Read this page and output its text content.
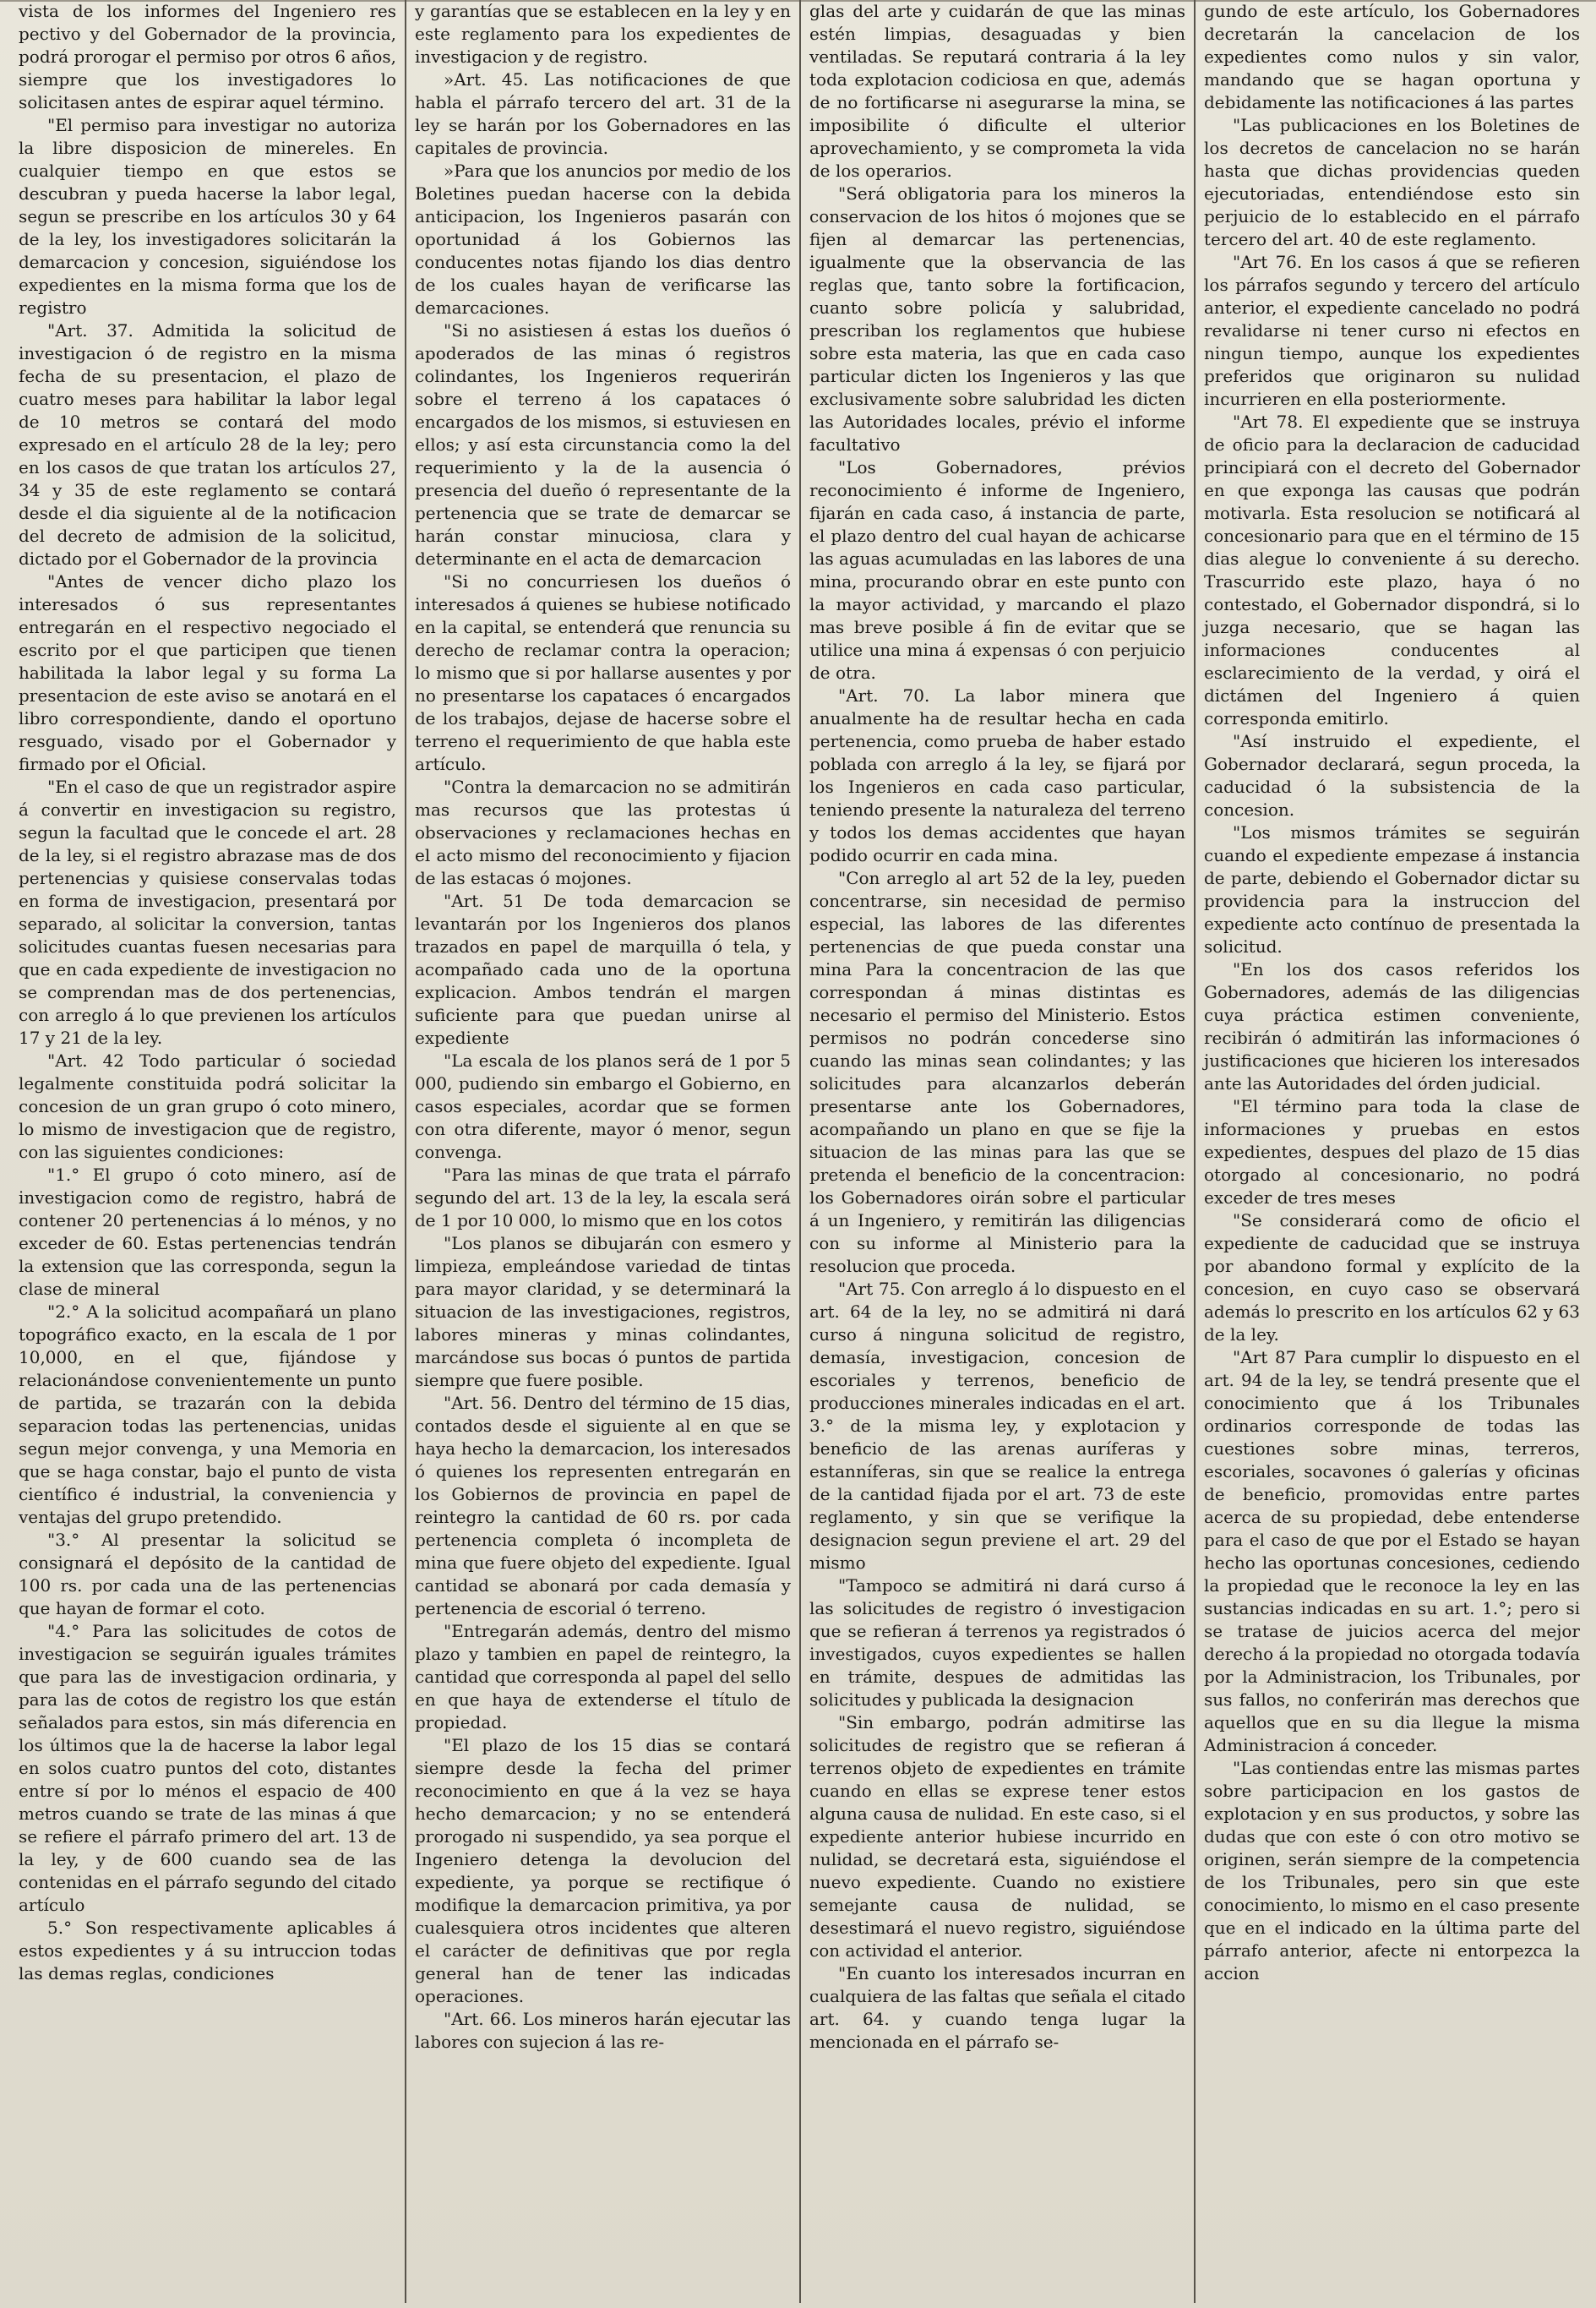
vista de los informes del Ingeniero res pectivo y del Gobernador de la provincia, podrá prorogar el permiso por otros 6 años, siempre que los investigadores lo solicitasen antes de espirar aquel término.

"El permiso para investigar no autoriza la libre disposicion de minereles. En cualquier tiempo en que estos se descubran y pueda hacerse la labor legal, segun se prescribe en los artículos 30 y 64 de la ley, los investigadores solicitarán la demarcacion y concesion, siguiéndose los expedientes en la misma forma que los de registro

"Art. 37. Admitida la solicitud de investigacion ó de registro en la misma fecha de su presentacion, el plazo de cuatro meses para habilitar la labor legal de 10 metros se contará del modo expresado en el artículo 28 de la ley; pero en los casos de que tratan los artículos 27, 34 y 35 de este reglamento se contará desde el dia siguiente al de la notificacion del decreto de admision de la solicitud, dictado por el Gobernador de la provincia

"Antes de vencer dicho plazo los interesados ó sus representantes entregarán en el respectivo negociado el escrito por el que participen que tienen habilitada la labor legal y su forma La presentacion de este aviso se anotará en el libro correspondiente, dando el oportuno resguado, visado por el Gobernador y firmado por el Oficial.

"En el caso de que un registrador aspire á convertir en investigacion su registro, segun la facultad que le concede el art. 28 de la ley, si el registro abrazase mas de dos pertenencias y quisiese conservalas todas en forma de investigacion, presentará por separado, al solicitar la conversion, tantas solicitudes cuantas fuesen necesarias para que en cada expediente de investigacion no se comprendan mas de dos pertenencias, con arreglo á lo que previenen los artículos 17 y 21 de la ley.

"Art. 42 Todo particular ó sociedad legalmente constituida podrá solicitar la concesion de un gran grupo ó coto minero, lo mismo de investigacion que de registro, con las siguientes condiciones:

"1.° El grupo ó coto minero, así de investigacion como de registro, habrá de contener 20 pertenencias á lo ménos, y no exceder de 60. Estas pertenencias tendrán la extension que las corresponda, segun la clase de mineral

"2.° A la solicitud acompañará un plano topográfico exacto, en la escala de 1 por 10,000, en el que, fijándose y relacionándose convenientemente un punto de partida, se trazarán con la debida separacion todas las pertenencias, unidas segun mejor convenga, y una Memoria en que se haga constar, bajo el punto de vista científico é industrial, la conveniencia y ventajas del grupo pretendido.

"3.° Al presentar la solicitud se consignará el depósito de la cantidad de 100 rs. por cada una de las pertenencias que hayan de formar el coto.

"4.° Para las solicitudes de cotos de investigacion se seguirán iguales trámites que para las de investigacion ordinaria, y para las de cotos de registro los que están señalados para estos, sin más diferencia en los últimos que la de hacerse la labor legal en solos cuatro puntos del coto, distantes entre sí por lo ménos el espacio de 400 metros cuando se trate de las minas á que se refiere el párrafo primero del art. 13 de la ley, y de 600 cuando sea de las contenidas en el párrafo segundo del citado artículo

5.° Son respectivamente aplicables á estos expedientes y á su intruccion todas las demas reglas, condiciones

y garantías que se establecen en la ley y en este reglamento para los expedientes de investigacion y de registro.

»Art. 45. Las notificaciones de que habla el párrafo tercero del art. 31 de la ley se harán por los Gobernadores en las capitales de provincia.

»Para que los anuncios por medio de los Boletines puedan hacerse con la debida anticipacion, los Ingenieros pasarán con oportunidad á los Gobiernos las conducentes notas fijando los dias dentro de los cuales hayan de verificarse las demarcaciones.

"Si no asistiesen á estas los dueños ó apoderados de las minas ó registros colindantes, los Ingenieros requerirán sobre el terreno á los capataces ó encargados de los mismos, si estuviesen en ellos; y así esta circunstancia como la del requerimiento y la de la ausencia ó presencia del dueño ó representante de la pertenencia que se trate de demarcar se harán constar minuciosa, clara y determinante en el acta de demarcacion

"Si no concurriesen los dueños ó interesados á quienes se hubiese notificado en la capital, se entenderá que renuncia su derecho de reclamar contra la operacion; lo mismo que si por hallarse ausentes y por no presentarse los capataces ó encargados de los trabajos, dejase de hacerse sobre el terreno el requerimiento de que habla este artículo.

"Contra la demarcacion no se admitirán mas recursos que las protestas ú observaciones y reclamaciones hechas en el acto mismo del reconocimiento y fijacion de las estacas ó mojones.

"Art. 51 De toda demarcacion se levantarán por los Ingenieros dos planos trazados en papel de marquilla ó tela, y acompañado cada uno de la oportuna explicacion. Ambos tendrán el margen suficiente para que puedan unirse al expediente

"La escala de los planos será de 1 por 5 000, pudiendo sin embargo el Gobierno, en casos especiales, acordar que se formen con otra diferente, mayor ó menor, segun convenga.

"Para las minas de que trata el párrafo segundo del art. 13 de la ley, la escala será de 1 por 10 000, lo mismo que en los cotos

"Los planos se dibujarán con esmero y limpieza, empleándose variedad de tintas para mayor claridad, y se determinará la situacion de las investigaciones, registros, labores mineras y minas colindantes, marcándose sus bocas ó puntos de partida siempre que fuere posible.

"Art. 56. Dentro del término de 15 dias, contados desde el siguiente al en que se haya hecho la demarcacion, los interesados ó quienes los representen entregarán en los Gobiernos de provincia en papel de reintegro la cantidad de 60 rs. por cada pertenencia completa ó incompleta de mina que fuere objeto del expediente. Igual cantidad se abonará por cada demasía y pertenencia de escorial ó terreno.

"Entregarán además, dentro del mismo plazo y tambien en papel de reintegro, la cantidad que corresponda al papel del sello en que haya de extenderse el título de propiedad.

"El plazo de los 15 dias se contará siempre desde la fecha del primer reconocimiento en que á la vez se haya hecho demarcacion; y no se entenderá prorogado ni suspendido, ya sea porque el Ingeniero detenga la devolucion del expediente, ya porque se rectifique ó modifique la demarcacion primitiva, ya por cualesquiera otros incidentes que alteren el carácter de definitivas que por regla general han de tener las indicadas operaciones.

"Art. 66. Los mineros harán ejecutar las labores con sujecion á las re-

glas del arte y cuidarán de que las minas estén limpias, desaguadas y bien ventiladas. Se reputará contraria á la ley toda explotacion codiciosa en que, además de no fortificarse ni asegurarse la mina, se imposibilite ó dificulte el ulterior aprovechamiento, y se comprometa la vida de los operarios.

"Será obligatoria para los mineros la conservacion de los hitos ó mojones que se fijen al demarcar las pertenencias, igualmente que la observancia de las reglas que, tanto sobre la fortificacion, cuanto sobre policía y salubridad, prescriban los reglamentos que hubiese sobre esta materia, las que en cada caso particular dicten los Ingenieros y las que exclusivamente sobre salubridad les dicten las Autoridades locales, prévio el informe facultativo

"Los Gobernadores, prévios reconocimiento é informe de Ingeniero, fijarán en cada caso, á instancia de parte, el plazo dentro del cual hayan de achicarse las aguas acumuladas en las labores de una mina, procurando obrar en este punto con la mayor actividad, y marcando el plazo mas breve posible á fin de evitar que se utilice una mina á expensas ó con perjuicio de otra.

"Art. 70. La labor minera que anualmente ha de resultar hecha en cada pertenencia, como prueba de haber estado poblada con arreglo á la ley, se fijará por los Ingenieros en cada caso particular, teniendo presente la naturaleza del terreno y todos los demas accidentes que hayan podido ocurrir en cada mina.

"Con arreglo al art 52 de la ley, pueden concentrarse, sin necesidad de permiso especial, las labores de las diferentes pertenencias de que pueda constar una mina Para la concentracion de las que correspondan á minas distintas es necesario el permiso del Ministerio. Estos permisos no podrán concederse sino cuando las minas sean colindantes; y las solicitudes para alcanzarlos deberán presentarse ante los Gobernadores, acompañando un plano en que se fije la situacion de las minas para las que se pretenda el beneficio de la concentracion: los Gobernadores oirán sobre el particular á un Ingeniero, y remitirán las diligencias con su informe al Ministerio para la resolucion que proceda.

"Art 75. Con arreglo á lo dispuesto en el art. 64 de la ley, no se admitirá ni dará curso á ninguna solicitud de registro, demasía, investigacion, concesion de escoriales y terrenos, beneficio de producciones minerales indicadas en el art. 3.° de la misma ley, y explotacion y beneficio de las arenas auríferas y estanníferas, sin que se realice la entrega de la cantidad fijada por el art. 73 de este reglamento, y sin que se verifique la designacion segun previene el art. 29 del mismo

"Tampoco se admitirá ni dará curso á las solicitudes de registro ó investigacion que se refieran á terrenos ya registrados ó investigados, cuyos expedientes se hallen en trámite, despues de admitidas las solicitudes y publicada la designacion

"Sin embargo, podrán admitirse las solicitudes de registro que se refieran á terrenos objeto de expedientes en trámite cuando en ellas se exprese tener estos alguna causa de nulidad. En este caso, si el expediente anterior hubiese incurrido en nulidad, se decretará esta, siguiéndose el nuevo expediente. Cuando no existiere semejante causa de nulidad, se desestimará el nuevo registro, siguiéndose con actividad el anterior.

"En cuanto los interesados incurran en cualquiera de las faltas que señala el citado art. 64. y cuando tenga lugar la mencionada en el párrafo se-

gundo de este artículo, los Gobernadores decretarán la cancelacion de los expedientes como nulos y sin valor, mandando que se hagan oportuna y debidamente las notificaciones á las partes

"Las publicaciones en los Boletines de los decretos de cancelacion no se harán hasta que dichas providencias queden ejecutoriadas, entendiéndose esto sin perjuicio de lo establecido en el párrafo tercero del art. 40 de este reglamento.

"Art 76. En los casos á que se refieren los párrafos segundo y tercero del artículo anterior, el expediente cancelado no podrá revalidarse ni tener curso ni efectos en ningun tiempo, aunque los expedientes preferidos que originaron su nulidad incurrieren en ella posteriormente.

"Art 78. El expediente que se instruya de oficio para la declaracion de caducidad principiará con el decreto del Gobernador en que exponga las causas que podrán motivarla. Esta resolucion se notificará al concesionario para que en el término de 15 dias alegue lo conveniente á su derecho. Trascurrido este plazo, haya ó no contestado, el Gobernador dispondrá, si lo juzga necesario, que se hagan las informaciones conducentes al esclarecimiento de la verdad, y oirá el dictámen del Ingeniero á quien corresponda emitirlo.

"Así instruido el expediente, el Gobernador declarará, segun proceda, la caducidad ó la subsistencia de la concesion.

"Los mismos trámites se seguirán cuando el expediente empezase á instancia de parte, debiendo el Gobernador dictar su providencia para la instruccion del expediente acto contínuo de presentada la solicitud.

"En los dos casos referidos los Gobernadores, además de las diligencias cuya práctica estimen conveniente, recibirán ó admitirán las informaciones ó justificaciones que hicieren los interesados ante las Autoridades del órden judicial.

"El término para toda la clase de informaciones y pruebas en estos expedientes, despues del plazo de 15 dias otorgado al concesionario, no podrá exceder de tres meses

"Se considerará como de oficio el expediente de caducidad que se instruya por abandono formal y explícito de la concesion, en cuyo caso se observará además lo prescrito en los artículos 62 y 63 de la ley.

"Art 87 Para cumplir lo dispuesto en el art. 94 de la ley, se tendrá presente que el conocimiento que á los Tribunales ordinarios corresponde de todas las cuestiones sobre minas, terreros, escoriales, socavones ó galerías y oficinas de beneficio, promovidas entre partes acerca de su propiedad, debe entenderse para el caso de que por el Estado se hayan hecho las oportunas concesiones, cediendo la propiedad que le reconoce la ley en las sustancias indicadas en su art. 1.°; pero si se tratase de juicios acerca del mejor derecho á la propiedad no otorgada todavía por la Administracion, los Tribunales, por sus fallos, no conferirán mas derechos que aquellos que en su dia llegue la misma Administracion á conceder.

"Las contiendas entre las mismas partes sobre participacion en los gastos de explotacion y en sus productos, y sobre las dudas que con este ó con otro motivo se originen, serán siempre de la competencia de los Tribunales, pero sin que este conocimiento, lo mismo en el caso presente que en el indicado en la última parte del párrafo anterior, afecte ni entorpezca la accion
